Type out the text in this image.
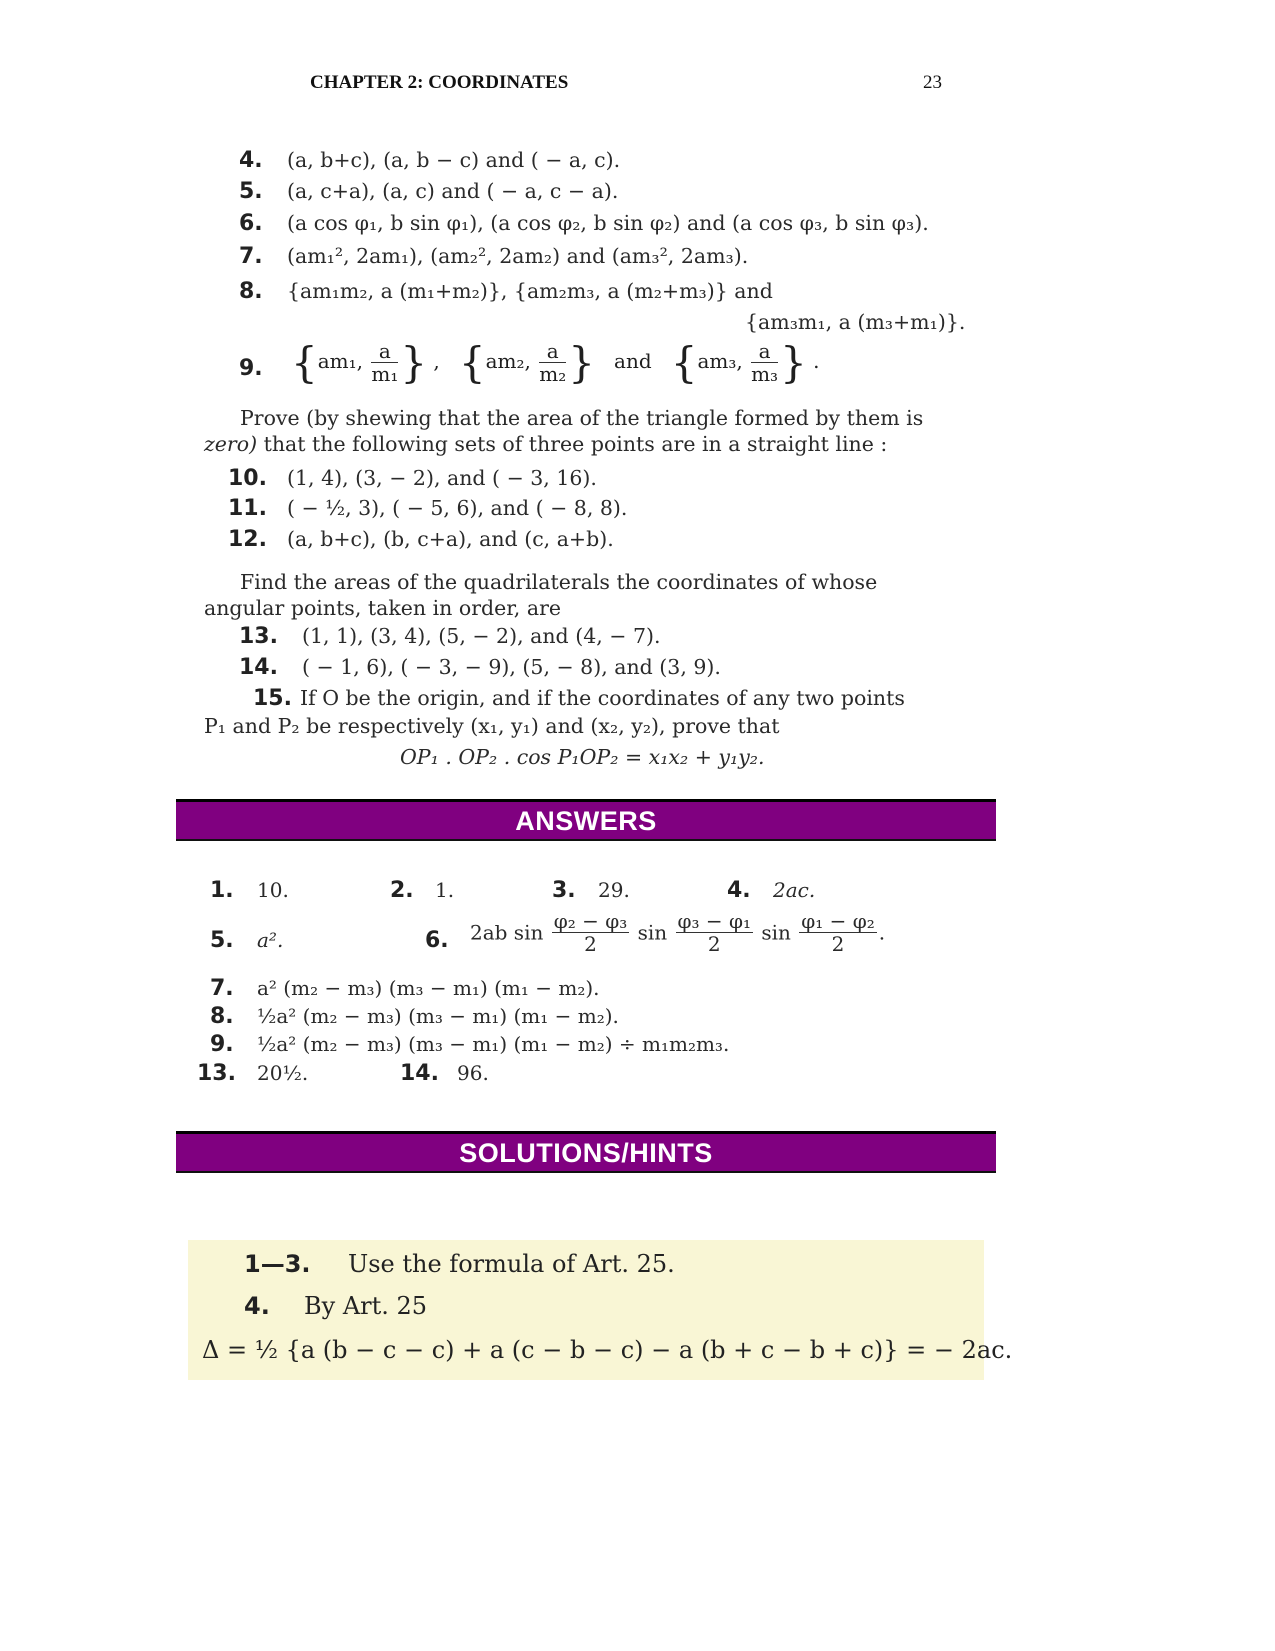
CHAPTER 2: COORDINATES	23
4. (a, b+c), (a, b − c) and ( − a, c).
5. (a, c+a), (a, c) and ( − a, c − a).
6. (a cos φ₁, b sin φ₁), (a cos φ₂, b sin φ₂) and (a cos φ₃, b sin φ₃).
7. (am₁², 2am₁), (am₂², 2am₂) and (am₃², 2am₃).
8. {am₁m₂, a (m₁+m₂)}, {am₂m₃, a (m₂+m₃)} and
{am₃m₁, a (m₃+m₁)}.
9. {am₁, $\frac{a}{\text{m₁}}$ } ,   {am₂, $\frac{a}{\text{m₂}}$ } and {am₃, $\frac{a}{\text{m₃}}$ } .
Prove (by shewing that the area of the triangle formed by them is
zero) that the following sets of three points are in a straight line :
10. (1, 4), (3, − 2), and ( − 3, 16).
11. ( − ½, 3), ( − 5, 6), and ( − 8, 8).
12. (a, b+c), (b, c+a), and (c, a+b).
Find the areas of the quadrilaterals the coordinates of whose
angular points, taken in order, are
13. (1, 1), (3, 4), (5, − 2), and (4, − 7).
14. ( − 1, 6), ( − 3, − 9), (5, − 8), and (3, 9).
15. If O be the origin, and if the coordinates of any two points
P₁ and P₂ be respectively (x₁, y₁) and (x₂, y₂), prove that
OP₁ . OP₂ . cos P₁OP₂ = x₁x₂ + y₁y₂.
ANSWERS
1. 10.	2. 1.	3. 29.	4. 2ac.
5. a².	6. 2ab $\sin \frac{\text{φ₂ − φ₃}}{2}$ $\sin \frac{\text{φ₃ − φ₁}}{2}$ $\sin \frac{\text{φ₁ − φ₂}}{2}$ .
7. a² (m₂ − m₃) (m₃ − m₁) (m₁ − m₂).
8. ½a² (m₂ − m₃) (m₃ − m₁) (m₁ − m₂).
9. ½a² (m₂ − m₃) (m₃ − m₁) (m₁ − m₂) ÷ m₁m₂m₃.
13. 20½.	14. 96.
SOLUTIONS/HINTS
1—3. Use the formula of Art. 25.
4. By Art. 25
Δ = ½ {a (b − c − c) + a (c − b − c) − a (b + c − b + c)} = − 2ac.
